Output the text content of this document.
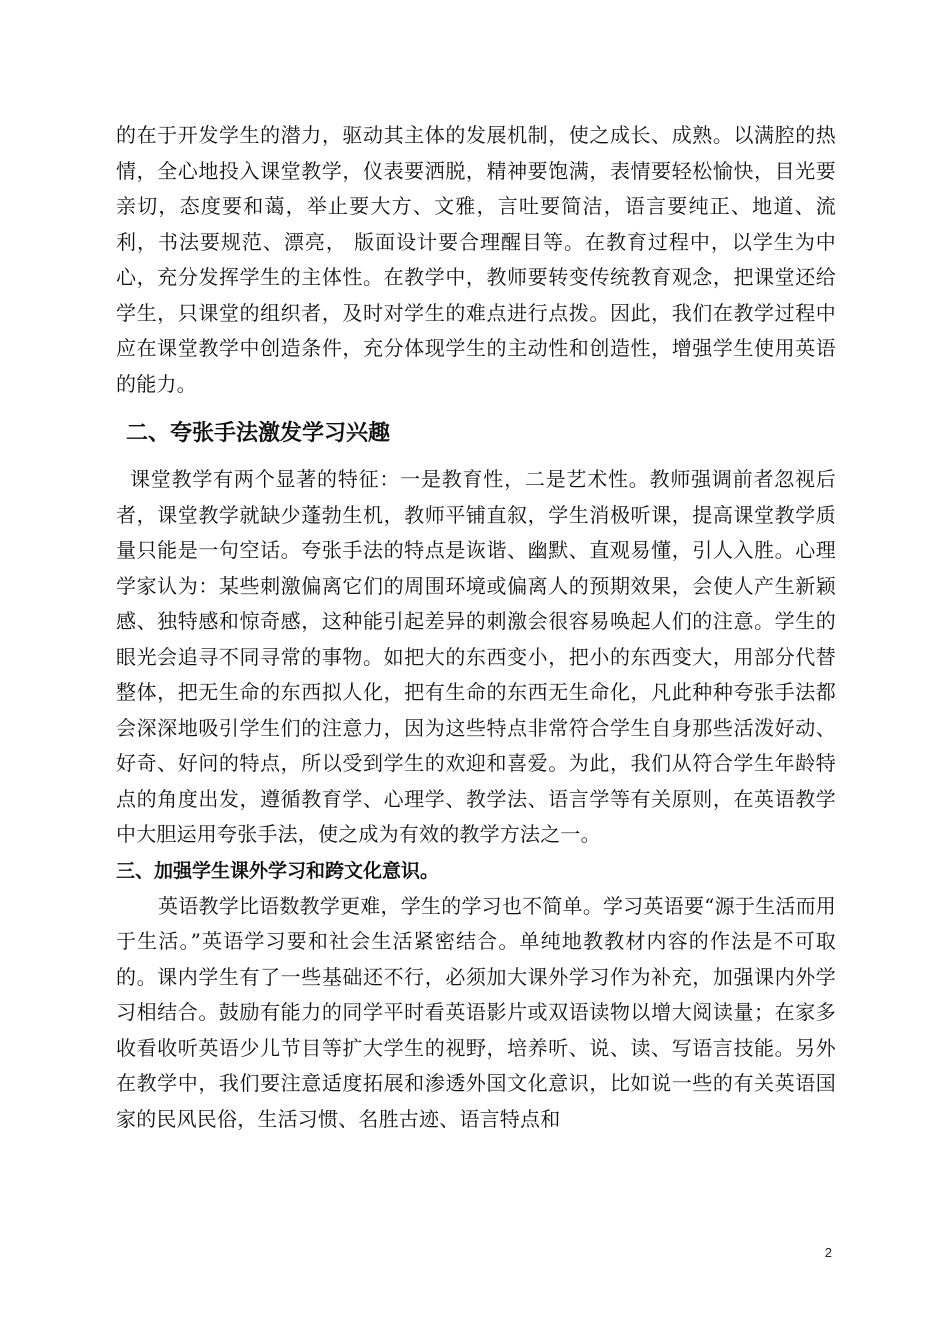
的在于开发学生的潜力，驱动其主体的发展机制，使之成长、成熟。以满腔的热情，全心地投入课堂教学，仪表要洒脱，精神要饱满，表情要轻松愉快，目光要亲切，态度要和蔼，举止要大方、文雅，言吐要简洁，语言要纯正、地道、流利，书法要规范、漂亮， 版面设计要合理醒目等。在教育过程中，以学生为中心，充分发挥学生的主体性。在教学中，教师要转变传统教育观念，把课堂还给学生，只课堂的组织者，及时对学生的难点进行点拨。因此，我们在教学过程中应在课堂教学中创造条件，充分体现学生的主动性和创造性，增强学生使用英语的能力。

二、夸张手法激发学习兴趣

课堂教学有两个显著的特征：一是教育性，二是艺术性。教师强调前者忽视后者，课堂教学就缺少蓬勃生机，教师平铺直叙，学生消极听课，提高课堂教学质量只能是一句空话。夸张手法的特点是诙谐、幽默、直观易懂，引人入胜。心理学家认为：某些刺激偏离它们的周围环境或偏离人的预期效果，会使人产生新颖感、独特感和惊奇感，这种能引起差异的刺激会很容易唤起人们的注意。学生的眼光会追寻不同寻常的事物。如把大的东西变小，把小的东西变大，用部分代替整体，把无生命的东西拟人化，把有生命的东西无生命化，凡此种种夸张手法都会深深地吸引学生们的注意力，因为这些特点非常符合学生自身那些活泼好动、好奇、好问的特点，所以受到学生的欢迎和喜爱。为此，我们从符合学生年龄特点的角度出发，遵循教育学、心理学、教学法、语言学等有关原则，在英语教学中大胆运用夸张手法，使之成为有效的教学方法之一。

三、加强学生课外学习和跨文化意识。

英语教学比语数教学更难，学生的学习也不简单。学习英语要“源于生活而用于生活。”英语学习要和社会生活紧密结合。单纯地教教材内容的作法是不可取的。课内学生有了一些基础还不行，必须加大课外学习作为补充，加强课内外学习相结合。鼓励有能力的同学平时看英语影片或双语读物以增大阅读量；在家多收看收听英语少儿节目等扩大学生的视野，培养听、说、读、写语言技能。另外在教学中，我们要注意适度拓展和渗透外国文化意识，比如说一些的有关英语国家的民风民俗，生活习惯、名胜古迹、语言特点和

2
